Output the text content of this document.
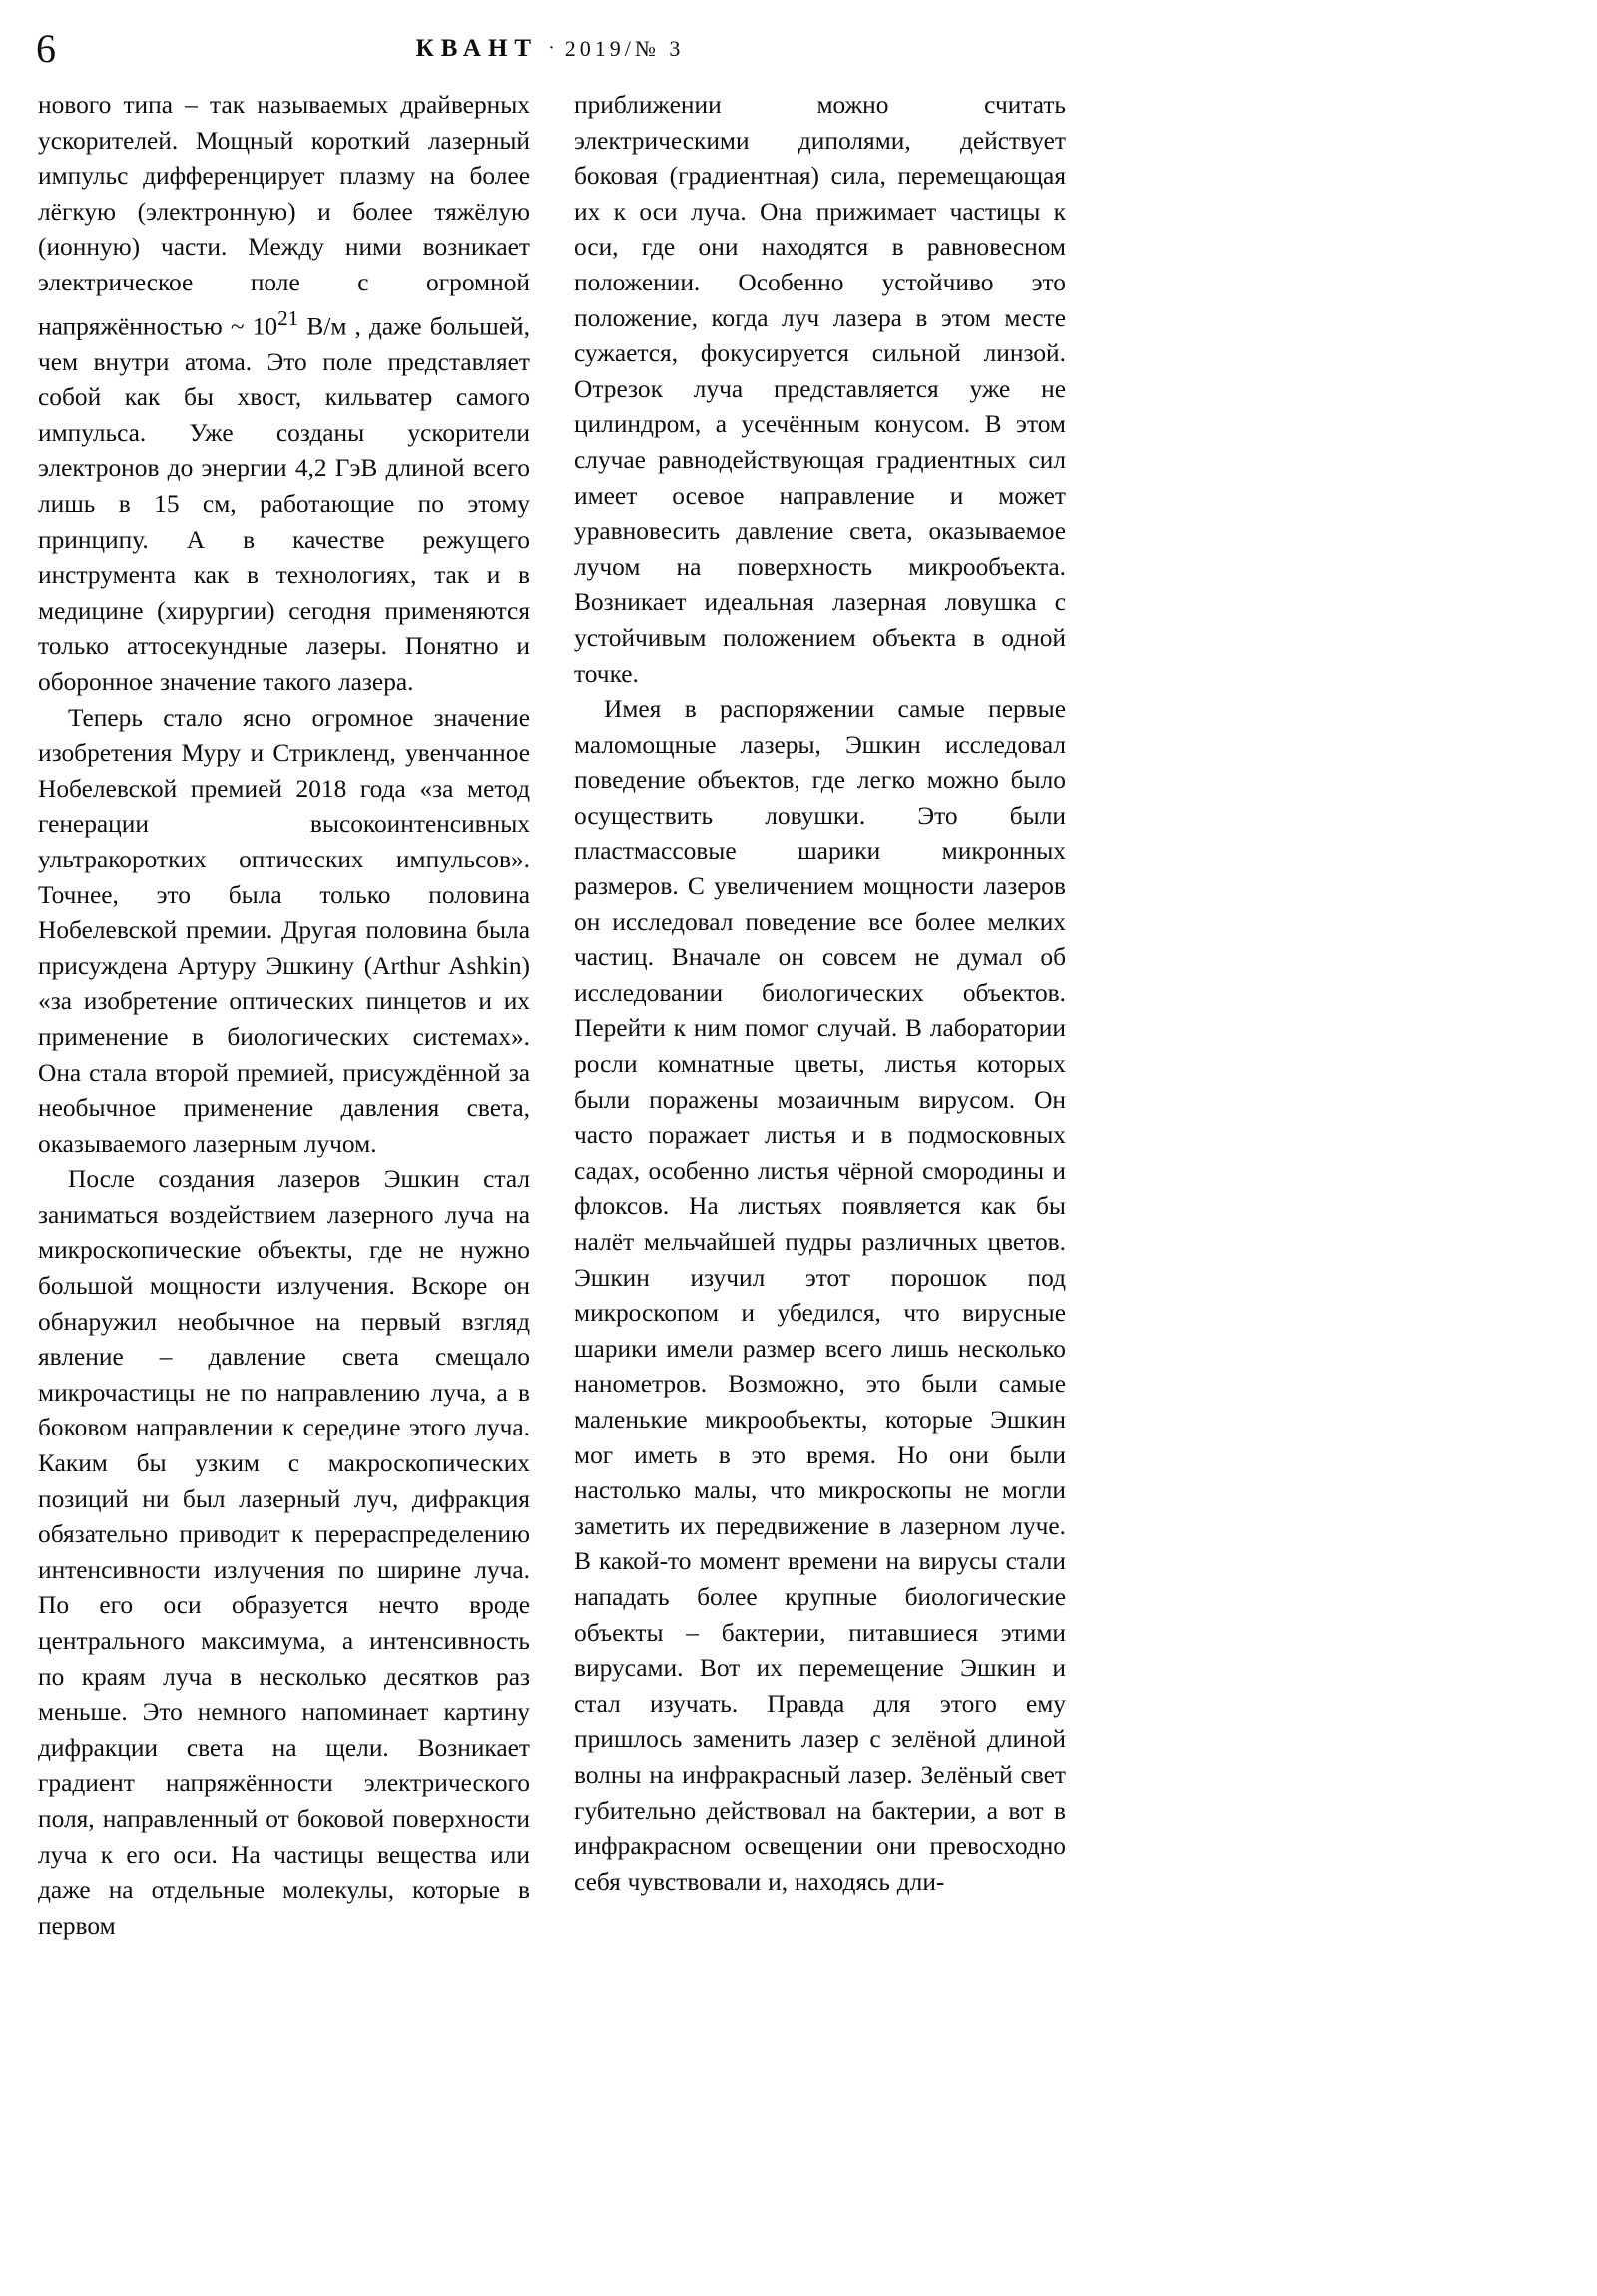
6	КВАНТ · 2019/№ 3

нового типа – так называемых драйверных ускорителей. Мощный короткий лазерный импульс дифференцирует плазму на более лёгкую (электронную) и более тяжёлую (ионную) части. Между ними возникает электрическое поле с огромной напряжённостью ~ $10^{21}$ В/м , даже большей, чем внутри атома. Это поле представляет собой как бы хвост, кильватер самого импульса. Уже созданы ускорители электронов до энергии 4,2 ГэВ длиной всего лишь в 15 см, работающие по этому принципу. А в качестве режущего инструмента как в технологиях, так и в медицине (хирургии) сегодня применяются только аттосекундные лазеры. Понятно и оборонное значение такого лазера.

Теперь стало ясно огромное значение изобретения Муру и Стрикленд, увенчанное Нобелевской премией 2018 года «за метод генерации высокоинтенсивных ультракоротких оптических импульсов». Точнее, это была только половина Нобелевской премии. Другая половина была присуждена Артуру Эшкину (Arthur Ashkin) «за изобретение оптических пинцетов и их применение в биологических системах». Она стала второй премией, присуждённой за необычное применение давления света, оказываемого лазерным лучом.

После создания лазеров Эшкин стал заниматься воздействием лазерного луча на микроскопические объекты, где не нужно большой мощности излучения. Вскоре он обнаружил необычное на первый взгляд явление – давление света смещало микрочастицы не по направлению луча, а в боковом направлении к середине этого луча. Каким бы узким с макроскопических позиций ни был лазерный луч, дифракция обязательно приводит к перераспределению интенсивности излучения по ширине луча. По его оси образуется нечто вроде центрального максимума, а интенсивность по краям луча в несколько десятков раз меньше. Это немного напоминает картину дифракции света на щели. Возникает градиент напряжённости электрического поля, направленный от боковой поверхности луча к его оси. На частицы вещества или даже на отдельные молекулы, которые в первом

приближении можно считать электрическими диполями, действует боковая (градиентная) сила, перемещающая их к оси луча. Она прижимает частицы к оси, где они находятся в равновесном положении. Особенно устойчиво это положение, когда луч лазера в этом месте сужается, фокусируется сильной линзой. Отрезок луча представляется уже не цилиндром, а усечённым конусом. В этом случае равнодействующая градиентных сил имеет осевое направление и может уравновесить давление света, оказываемое лучом на поверхность микрообъекта. Возникает идеальная лазерная ловушка с устойчивым положением объекта в одной точке.

Имея в распоряжении самые первые маломощные лазеры, Эшкин исследовал поведение объектов, где легко можно было осуществить ловушки. Это были пластмассовые шарики микронных размеров. С увеличением мощности лазеров он исследовал поведение все более мелких частиц. Вначале он совсем не думал об исследовании биологических объектов. Перейти к ним помог случай. В лаборатории росли комнатные цветы, листья которых были поражены мозаичным вирусом. Он часто поражает листья и в подмосковных садах, особенно листья чёрной смородины и флоксов. На листьях появляется как бы налёт мельчайшей пудры различных цветов. Эшкин изучил этот порошок под микроскопом и убедился, что вирусные шарики имели размер всего лишь несколько нанометров. Возможно, это были самые маленькие микрообъекты, которые Эшкин мог иметь в это время. Но они были настолько малы, что микроскопы не могли заметить их передвижение в лазерном луче. В какой-то момент времени на вирусы стали нападать более крупные биологические объекты – бактерии, питавшиеся этими вирусами. Вот их перемещение Эшкин и стал изучать. Правда для этого ему пришлось заменить лазер с зелёной длиной волны на инфракрасный лазер. Зелёный свет губительно действовал на бактерии, а вот в инфракрасном освещении они превосходно себя чувствовали и, находясь дли-
